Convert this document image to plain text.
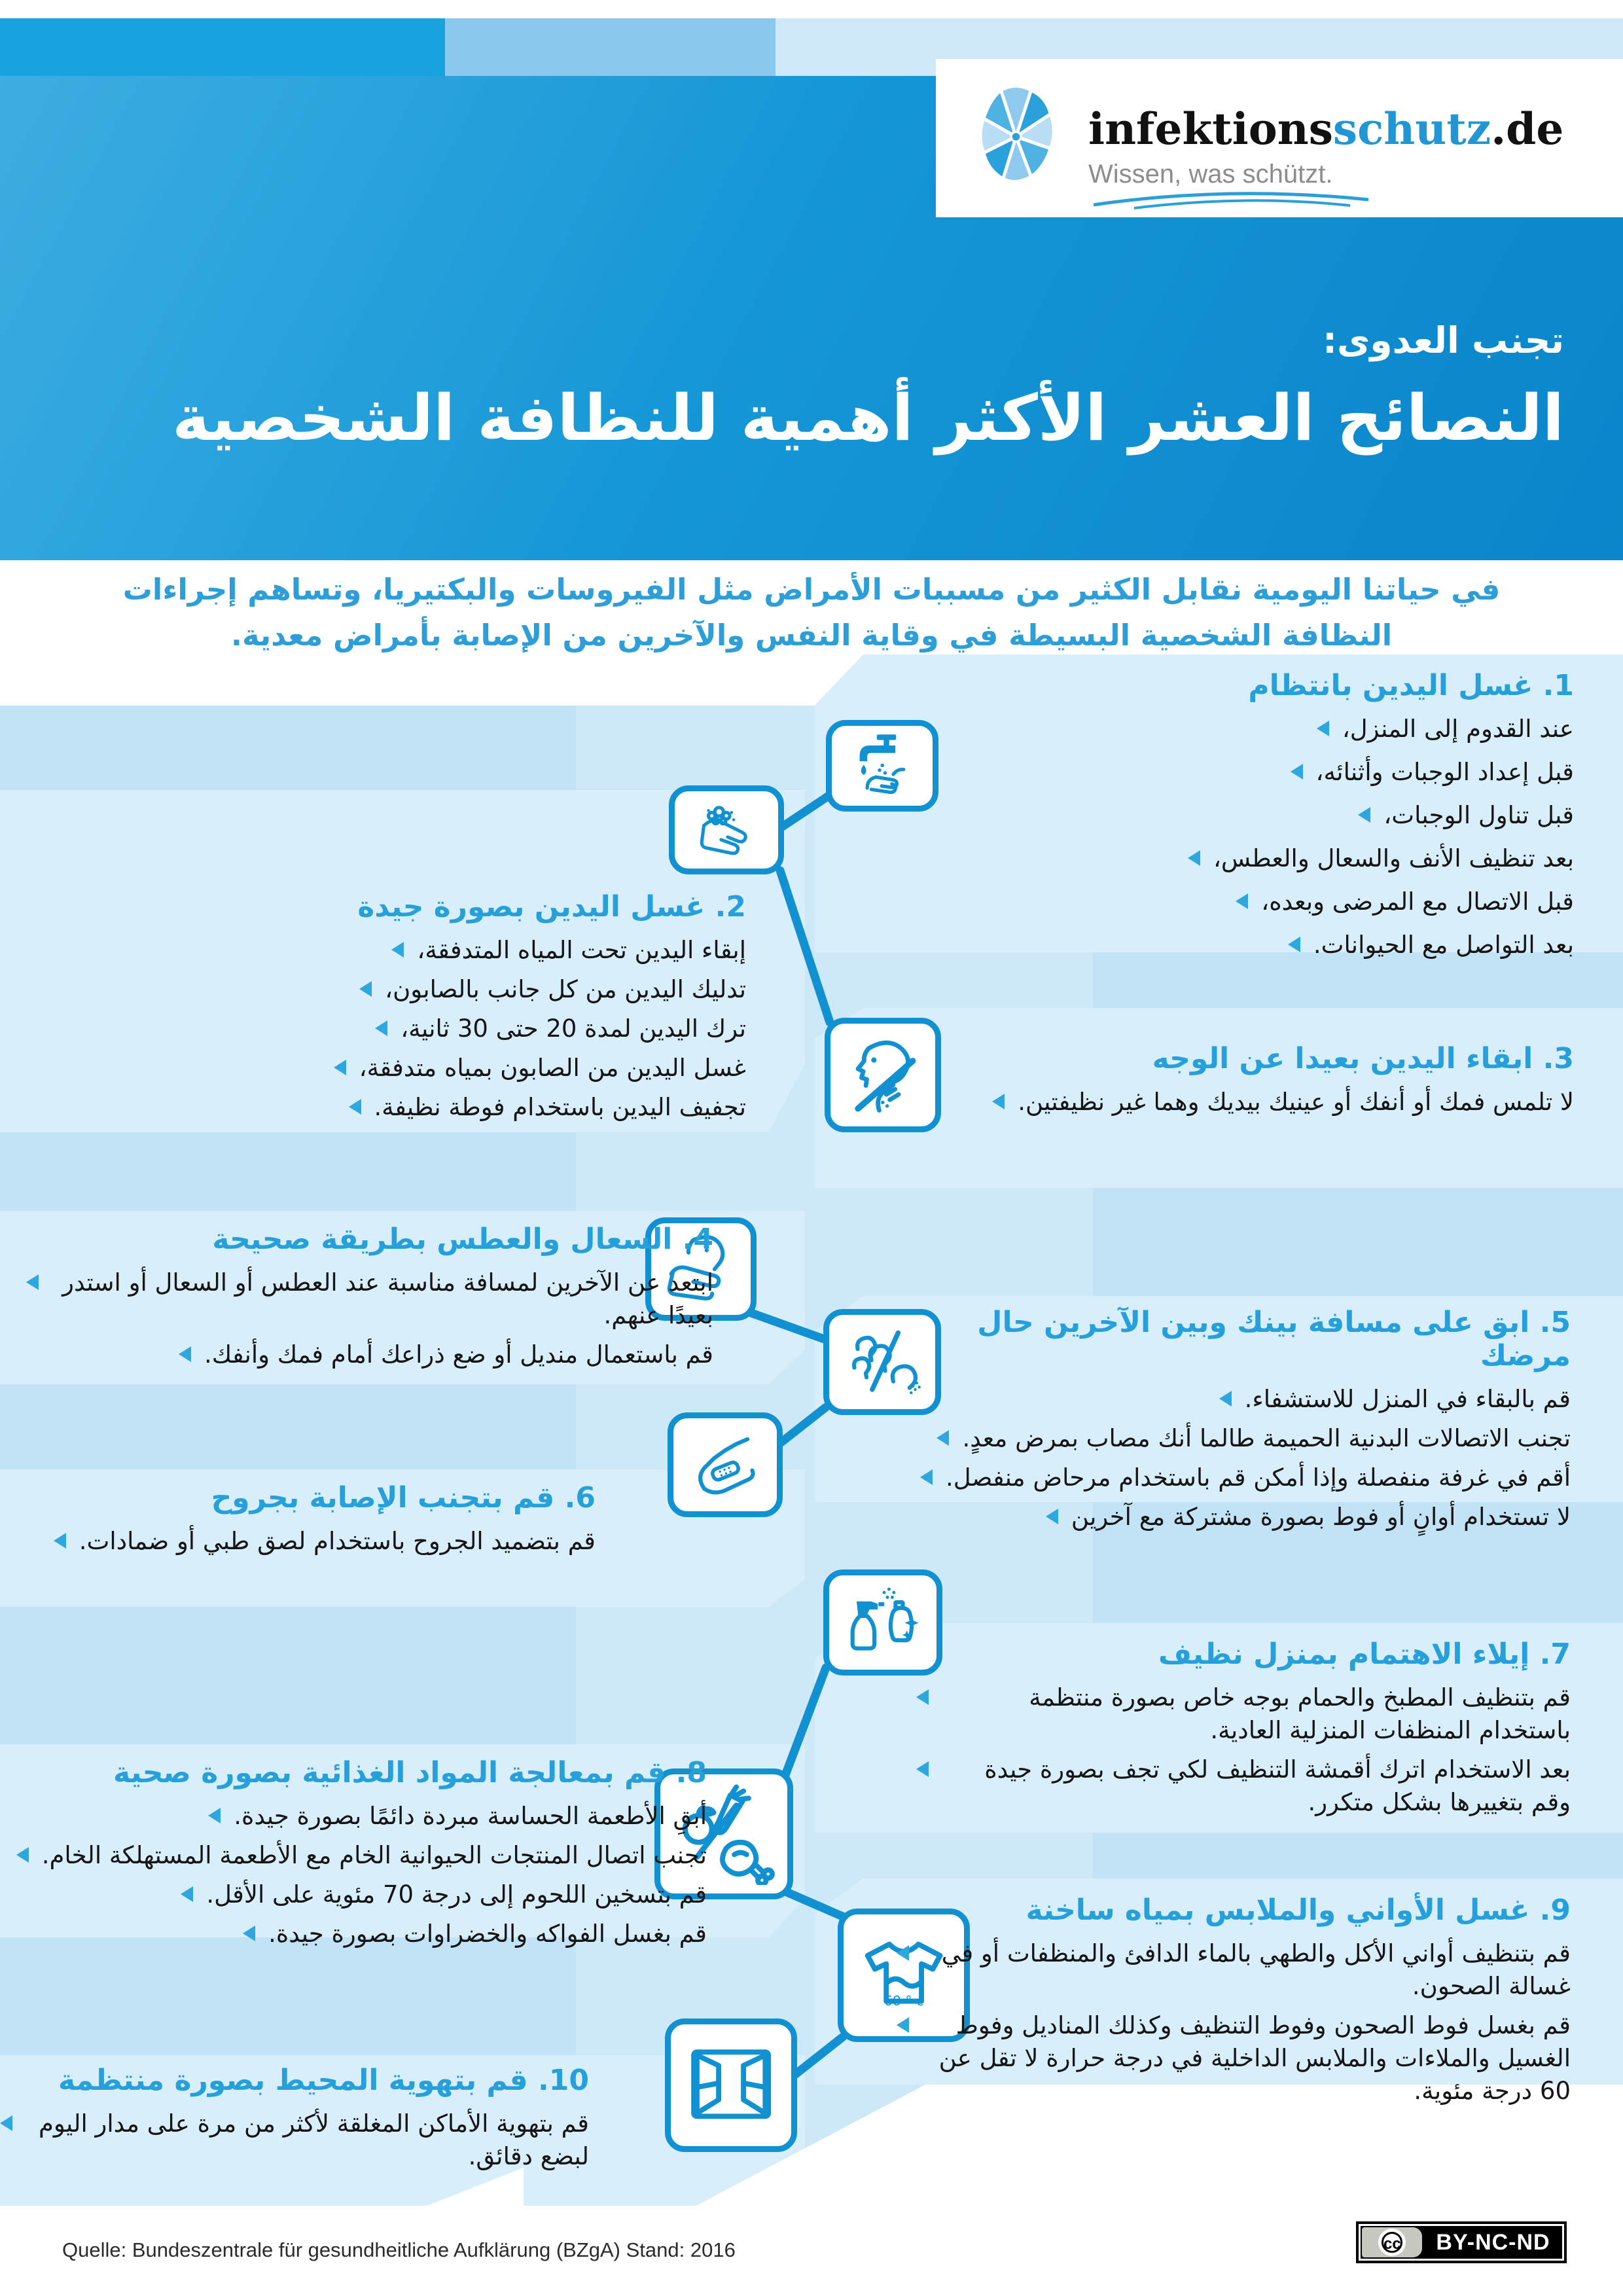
تجنب العدوى:
النصائح العشر الأكثر أهمية للنظافة الشخصية
infektionsschutz.de
Wissen, was schützt.
في حياتنا اليومية نقابل الكثير من مسببات الأمراض مثل الفيروسات والبكتيريا، وتساهم إجراءات النظافة الشخصية البسيطة في وقاية النفس والآخرين من الإصابة بأمراض معدية.
60 ° c
1. غسل اليدين بانتظام
عند القدوم إلى المنزل،
قبل إعداد الوجبات وأثنائه،
قبل تناول الوجبات،
بعد تنظيف الأنف والسعال والعطس،
قبل الاتصال مع المرضى وبعده،
بعد التواصل مع الحيوانات.
2. غسل اليدين بصورة جيدة
إبقاء اليدين تحت المياه المتدفقة،
تدليك اليدين من كل جانب بالصابون،
ترك اليدين لمدة 20 حتى 30 ثانية،
غسل اليدين من الصابون بمياه متدفقة،
تجفيف اليدين باستخدام فوطة نظيفة.
3. ابقاء اليدين بعيدا عن الوجه
لا تلمس فمك أو أنفك أو عينيك بيديك وهما غير نظيفتين.
4. السعال والعطس بطريقة صحيحة
ابتعد عن الآخرين لمسافة مناسبة عند العطس أو السعال أو استدر بعيدًا عنهم.
قم باستعمال منديل أو ضع ذراعك أمام فمك وأنفك.
5. ابق على مسافة بينك وبين الآخرين حال مرضك
قم بالبقاء في المنزل للاستشفاء.
تجنب الاتصالات البدنية الحميمة طالما أنك مصاب بمرض معدٍ.
أقم في غرفة منفصلة وإذا أمكن قم باستخدام مرحاض منفصل.
لا تستخدام أوانٍ أو فوط بصورة مشتركة مع آخرين
6. قم بتجنب الإصابة بجروح
قم بتضميد الجروح باستخدام لصق طبي أو ضمادات.
7. إيلاء الاهتمام بمنزل نظيف
قم بتنظيف المطبخ والحمام بوجه خاص بصورة منتظمة باستخدام المنظفات المنزلية العادية.
بعد الاستخدام اترك أقمشة التنظيف لكي تجف بصورة جيدة وقم بتغييرها بشكل متكرر.
8. قم بمعالجة المواد الغذائية بصورة صحية
أبقِ الأطعمة الحساسة مبردة دائمًا بصورة جيدة.
تجنب اتصال المنتجات الحيوانية الخام مع الأطعمة المستهلكة الخام.
قم بتسخين اللحوم إلى درجة 70 مئوية على الأقل.
قم بغسل الفواكه والخضراوات بصورة جيدة.
9. غسل الأواني والملابس بمياه ساخنة
قم بتنظيف أواني الأكل والطهي بالماء الدافئ والمنظفات أو في غسالة الصحون.
قم بغسل فوط الصحون وفوط التنظيف وكذلك المناديل وفوط الغسيل والملاءات والملابس الداخلية في درجة حرارة لا تقل عن 60 درجة مئوية.
10. قم بتهوية المحيط بصورة منتظمة
قم بتهوية الأماكن المغلقة لأكثر من مرة على مدار اليوم لبضع دقائق.
Quelle: Bundeszentrale für gesundheitliche Aufklärung (BZgA) Stand: 2016	cc	BY-NC-ND
